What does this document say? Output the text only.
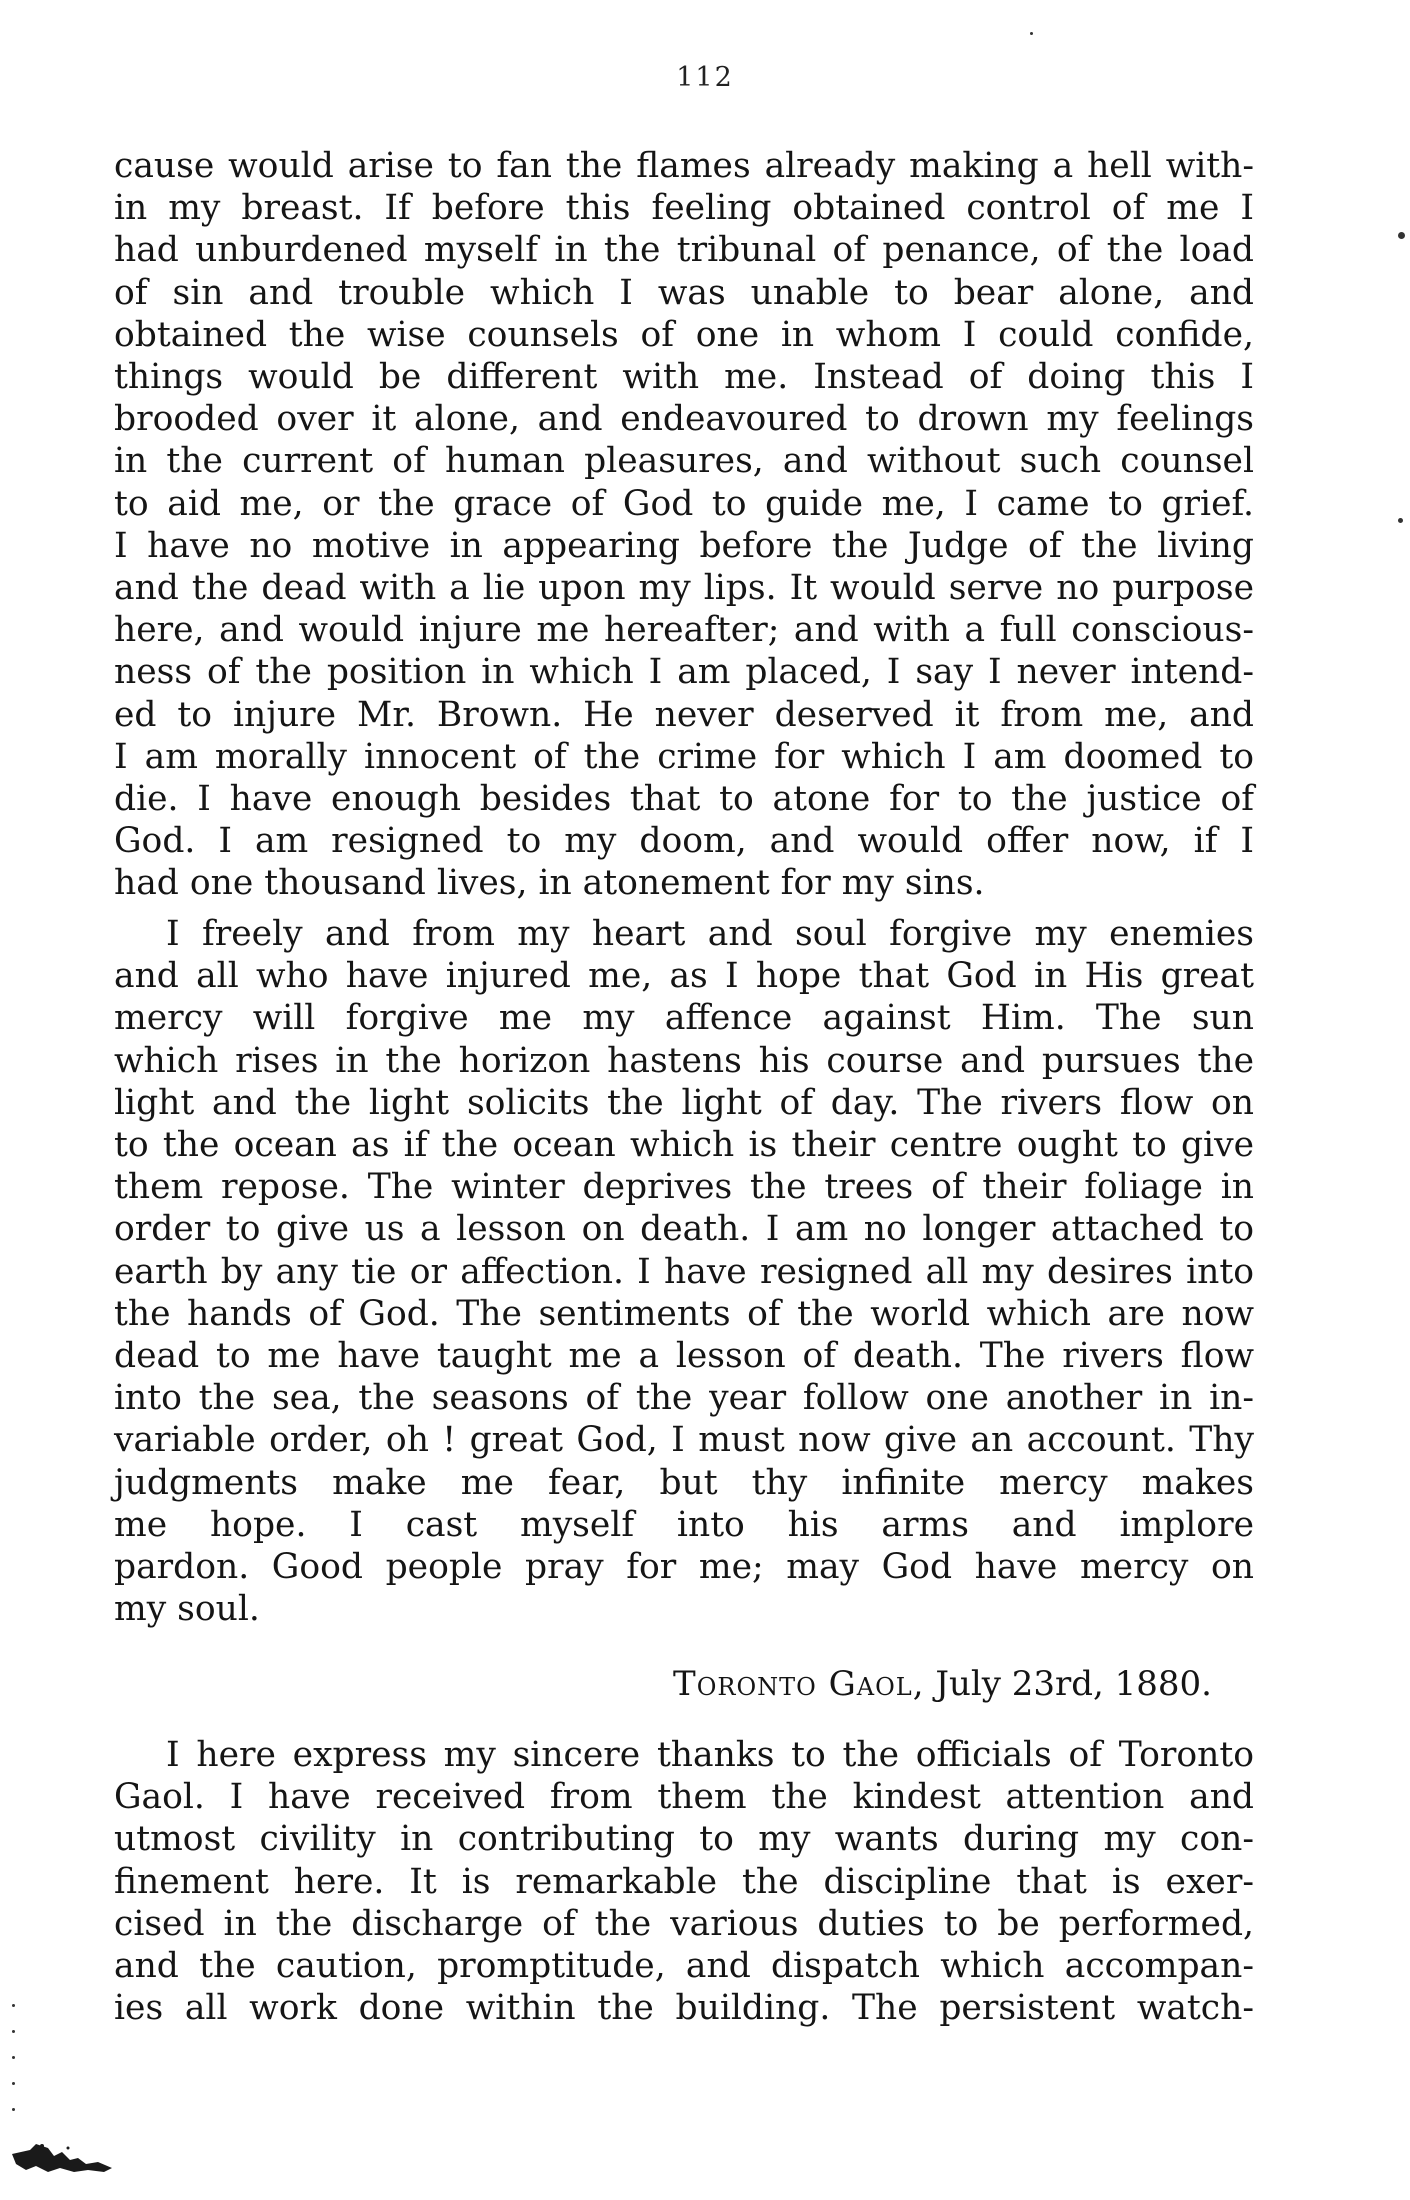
112
cause would arise to fan the flames already making a hell with-
in my breast. If before this feeling obtained control of me I
had unburdened myself in the tribunal of penance, of the load
of sin and trouble which I was unable to bear alone, and
obtained the wise counsels of one in whom I could confide,
things would be different with me. Instead of doing this I
brooded over it alone, and endeavoured to drown my feelings
in the current of human pleasures, and without such counsel
to aid me, or the grace of God to guide me, I came to grief.
I have no motive in appearing before the Judge of the living
and the dead with a lie upon my lips. It would serve no purpose
here, and would injure me hereafter; and with a full conscious-
ness of the position in which I am placed, I say I never intend-
ed to injure Mr. Brown. He never deserved it from me, and
I am morally innocent of the crime for which I am doomed to
die. I have enough besides that to atone for to the justice of
God. I am resigned to my doom, and would offer now, if I
had one thousand lives, in atonement for my sins.
I freely and from my heart and soul forgive my enemies
and all who have injured me, as I hope that God in His great
mercy will forgive me my affence against Him. The sun
which rises in the horizon hastens his course and pursues the
light and the light solicits the light of day. The rivers flow on
to the ocean as if the ocean which is their centre ought to give
them repose. The winter deprives the trees of their foliage in
order to give us a lesson on death. I am no longer attached to
earth by any tie or affection. I have resigned all my desires into
the hands of God. The sentiments of the world which are now
dead to me have taught me a lesson of death. The rivers flow
into the sea, the seasons of the year follow one another in in-
variable order, oh ! great God, I must now give an account. Thy
judgments make me fear, but thy infinite mercy makes
me hope. I cast myself into his arms and implore
pardon. Good people pray for me; may God have mercy on
my soul.
Toronto Gaol, July 23rd, 1880.
I here express my sincere thanks to the officials of Toronto
Gaol. I have received from them the kindest attention and
utmost civility in contributing to my wants during my con-
finement here. It is remarkable the discipline that is exer-
cised in the discharge of the various duties to be performed,
and the caution, promptitude, and dispatch which accompan-
ies all work done within the building. The persistent watch-
